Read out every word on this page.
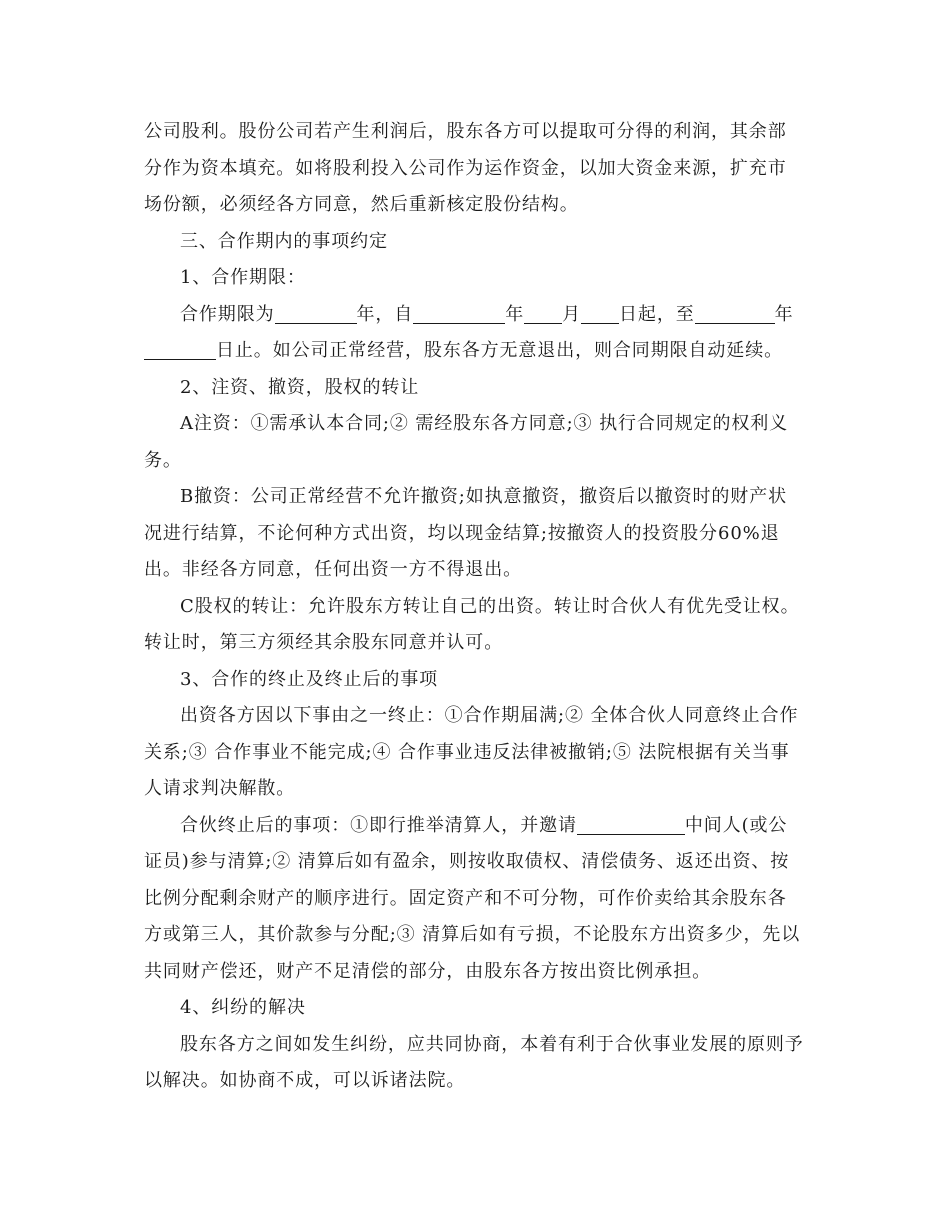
公司股利。股份公司若产生利润后，股东各方可以提取可分得的利润，其余部分作为资本填充。如将股利投入公司作为运作资金，以加大资金来源，扩充市场份额，必须经各方同意，然后重新核定股份结构。

三、合作期内的事项约定

1、合作期限：

合作期限为	年，自	年 月 日起，至	年
日止。如公司正常经营，股东各方无意退出，则合同期限自动延续。

2、注资、撤资，股权的转让

A注资：①需承认本合同;② 需经股东各方同意;③ 执行合同规定的权利义务。

B撤资：公司正常经营不允许撤资;如执意撤资，撤资后以撤资时的财产状况进行结算，不论何种方式出资，均以现金结算;按撤资人的投资股分60%退出。非经各方同意，任何出资一方不得退出。

C股权的转让：允许股东方转让自己的出资。转让时合伙人有优先受让权。转让时，第三方须经其余股东同意并认可。

3、合作的终止及终止后的事项

出资各方因以下事由之一终止：①合作期届满;② 全体合伙人同意终止合作关系;③ 合作事业不能完成;④ 合作事业违反法律被撤销;⑤ 法院根据有关当事人请求判决解散。

合伙终止后的事项：①即行推举清算人，并邀请	中间人(或公证员)参与清算;② 清算后如有盈余，则按收取债权、清偿债务、返还出资、按比例分配剩余财产的顺序进行。固定资产和不可分物，可作价卖给其余股东各方或第三人，其价款参与分配;③ 清算后如有亏损，不论股东方出资多少，先以共同财产偿还，财产不足清偿的部分，由股东各方按出资比例承担。

4、纠纷的解决

股东各方之间如发生纠纷，应共同协商，本着有利于合伙事业发展的原则予以解决。如协商不成，可以诉诸法院。
